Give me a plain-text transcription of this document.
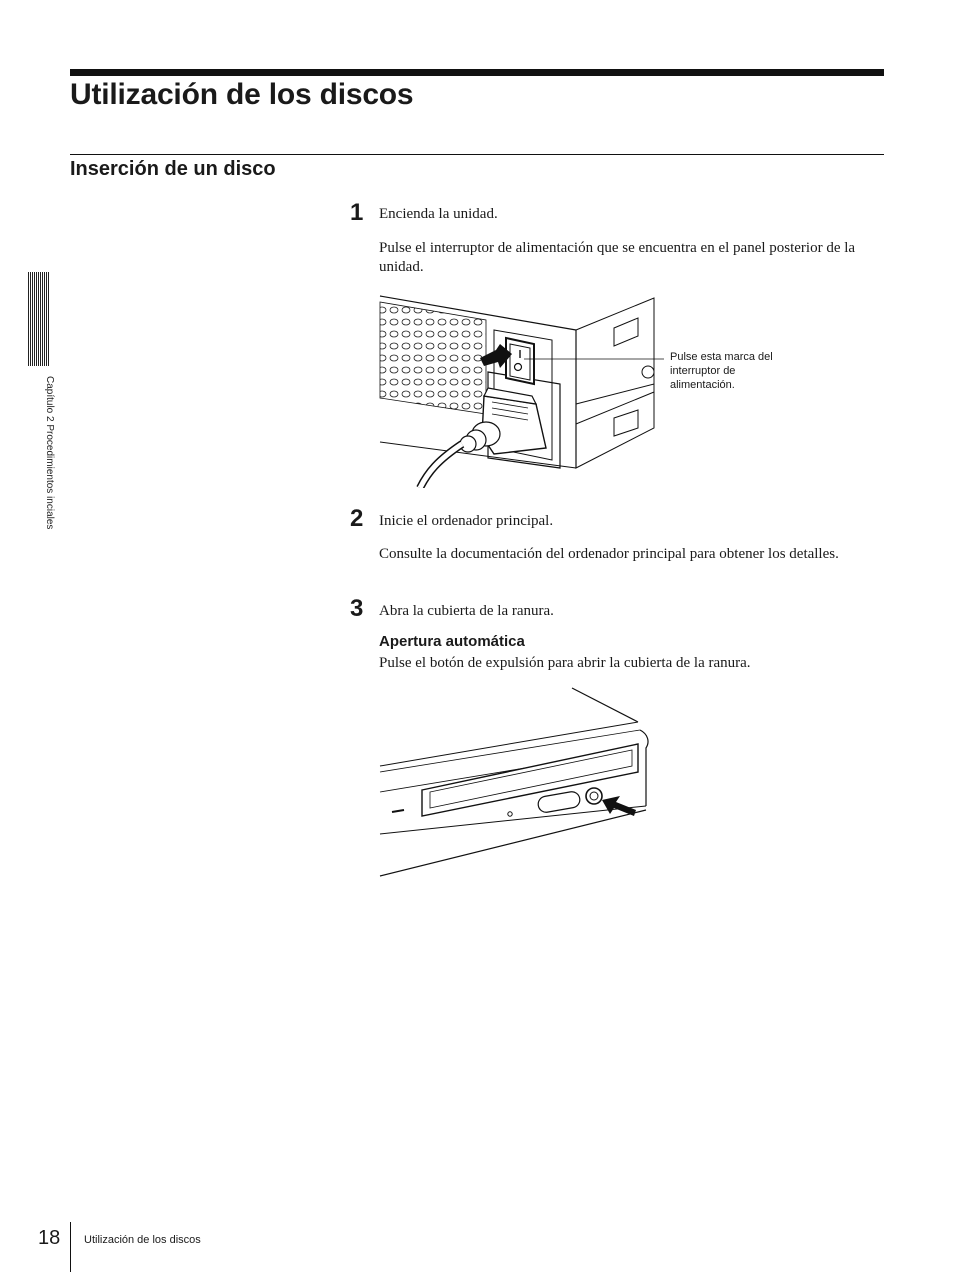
Utilización de los discos
Inserción de un disco
Capítulo 2 Procedimientos inciales
1 Encienda la unidad.
Pulse el interruptor de alimentación que se encuentra en el panel posterior de la unidad.
Pulse esta marca del interruptor de alimentación.
2 Inicie el ordenador principal.
Consulte la documentación del ordenador principal para obtener los detalles.
3 Abra la cubierta de la ranura.
Apertura automática
Pulse el botón de expulsión para abrir la cubierta de la ranura.
18 Utilización de los discos
